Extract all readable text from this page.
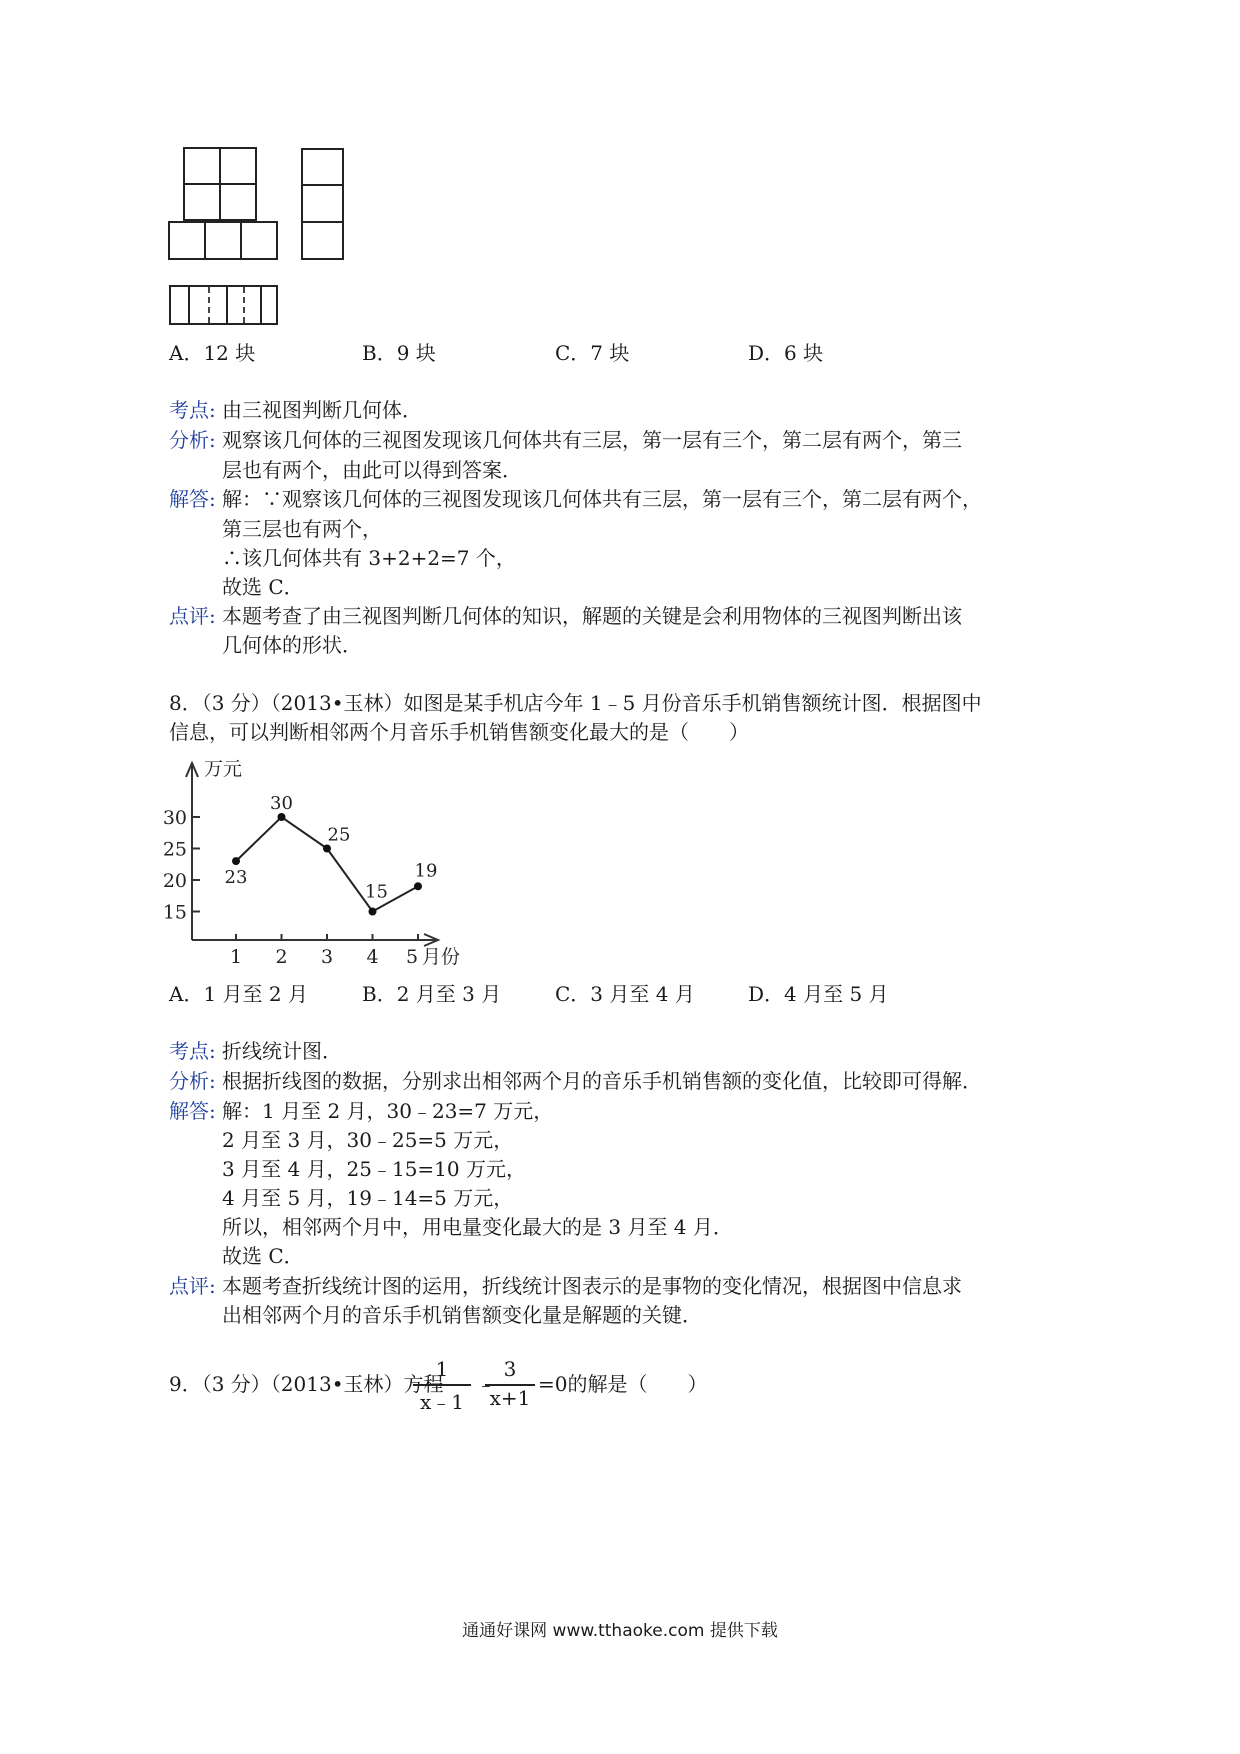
A．12 块	B．9 块	C．7 块	D．6 块
考点: 由三视图判断几何体．
分析: 观察该几何体的三视图发现该几何体共有三层，第一层有三个，第二层有两个，第三
层也有两个，由此可以得到答案．
解答: 解：∵观察该几何体的三视图发现该几何体共有三层，第一层有三个，第二层有两个，
第三层也有两个，
∴该几何体共有 3+2+2=7 个，
故选 C．
点评: 本题考查了由三视图判断几何体的知识，解题的关键是会利用物体的三视图判断出该
几何体的形状．
8．（3 分）（2013•玉林）如图是某手机店今年 1﹣5 月份音乐手机销售额统计图．根据图中
信息，可以判断相邻两个月音乐手机销售额变化最大的是（　　）
万元
30
25
20
15
1 2 3 4 5 月份
23
30
25
15
19
A．1 月至 2 月	B．2 月至 3 月	C．3 月至 4 月	D．4 月至 5 月
考点: 折线统计图．
分析: 根据折线图的数据，分别求出相邻两个月的音乐手机销售额的变化值，比较即可得解．
解答: 解：1 月至 2 月，30﹣23=7 万元，
2 月至 3 月，30﹣25=5 万元，
3 月至 4 月，25﹣15=10 万元，
4 月至 5 月，19﹣14=5 万元，
所以，相邻两个月中，用电量变化最大的是 3 月至 4 月．
故选 C．
点评: 本题考查折线统计图的运用，折线统计图表示的是事物的变化情况，根据图中信息求
出相邻两个月的音乐手机销售额变化量是解题的关键．
9．（3 分）（2013•玉林）方程
1
x﹣1
﹣
3
x+1
=0的解是（　　）
通通好课网 www.tthaoke.com 提供下载
